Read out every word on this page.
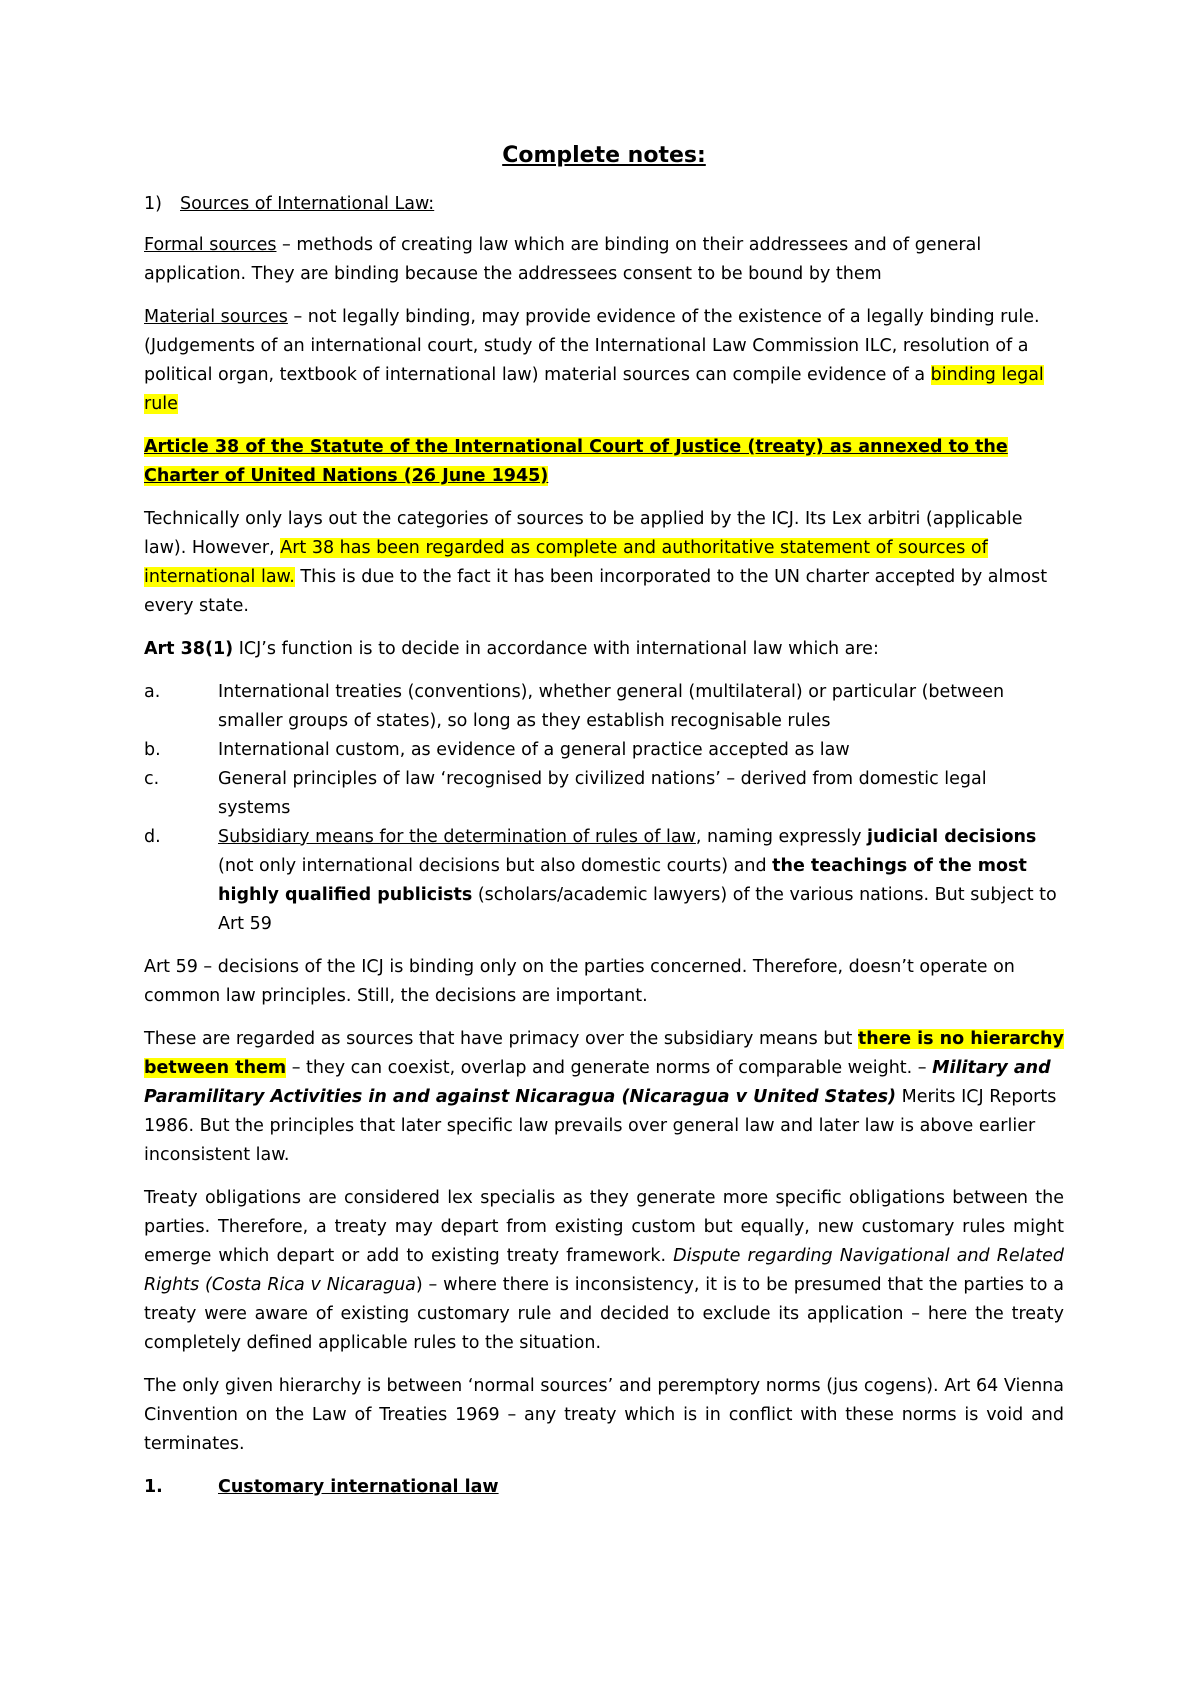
Complete notes:
1)	Sources of International Law:

Formal sources – methods of creating law which are binding on their addressees and of general application. They are binding because the addressees consent to be bound by them

Material sources – not legally binding, may provide evidence of the existence of a legally binding rule. (Judgements of an international court, study of the International Law Commission ILC, resolution of a political organ, textbook of international law) material sources can compile evidence of a binding legal rule

Article 38 of the Statute of the International Court of Justice (treaty) as annexed to the Charter of United Nations (26 June 1945)

Technically only lays out the categories of sources to be applied by the ICJ. Its Lex arbitri (applicable law). However, Art 38 has been regarded as complete and authoritative statement of sources of international law. This is due to the fact it has been incorporated to the UN charter accepted by almost every state.

Art 38(1) ICJ’s function is to decide in accordance with international law which are:

a.	International treaties (conventions), whether general (multilateral) or particular (between smaller groups of states), so long as they establish recognisable rules
b.	International custom, as evidence of a general practice accepted as law
c.	General principles of law ‘recognised by civilized nations’ – derived from domestic legal systems
d.	Subsidiary means for the determination of rules of law, naming expressly judicial decisions (not only international decisions but also domestic courts) and the teachings of the most highly qualified publicists (scholars/academic lawyers) of the various nations. But subject to Art 59

Art 59 – decisions of the ICJ is binding only on the parties concerned. Therefore, doesn’t operate on common law principles. Still, the decisions are important.

These are regarded as sources that have primacy over the subsidiary means but there is no hierarchy between them – they can coexist, overlap and generate norms of comparable weight. – Military and Paramilitary Activities in and against Nicaragua (Nicaragua v United States) Merits ICJ Reports 1986. But the principles that later specific law prevails over general law and later law is above earlier inconsistent law.

Treaty obligations are considered lex specialis as they generate more specific obligations between the parties. Therefore, a treaty may depart from existing custom but equally, new customary rules might emerge which depart or add to existing treaty framework. Dispute regarding Navigational and Related Rights (Costa Rica v Nicaragua) – where there is inconsistency, it is to be presumed that the parties to a treaty were aware of existing customary rule and decided to exclude its application – here the treaty completely defined applicable rules to the situation.

The only given hierarchy is between ‘normal sources’ and peremptory norms (jus cogens). Art 64 Vienna Cinvention on the Law of Treaties 1969 – any treaty which is in conflict with these norms is void and terminates.

1.	Customary international law
